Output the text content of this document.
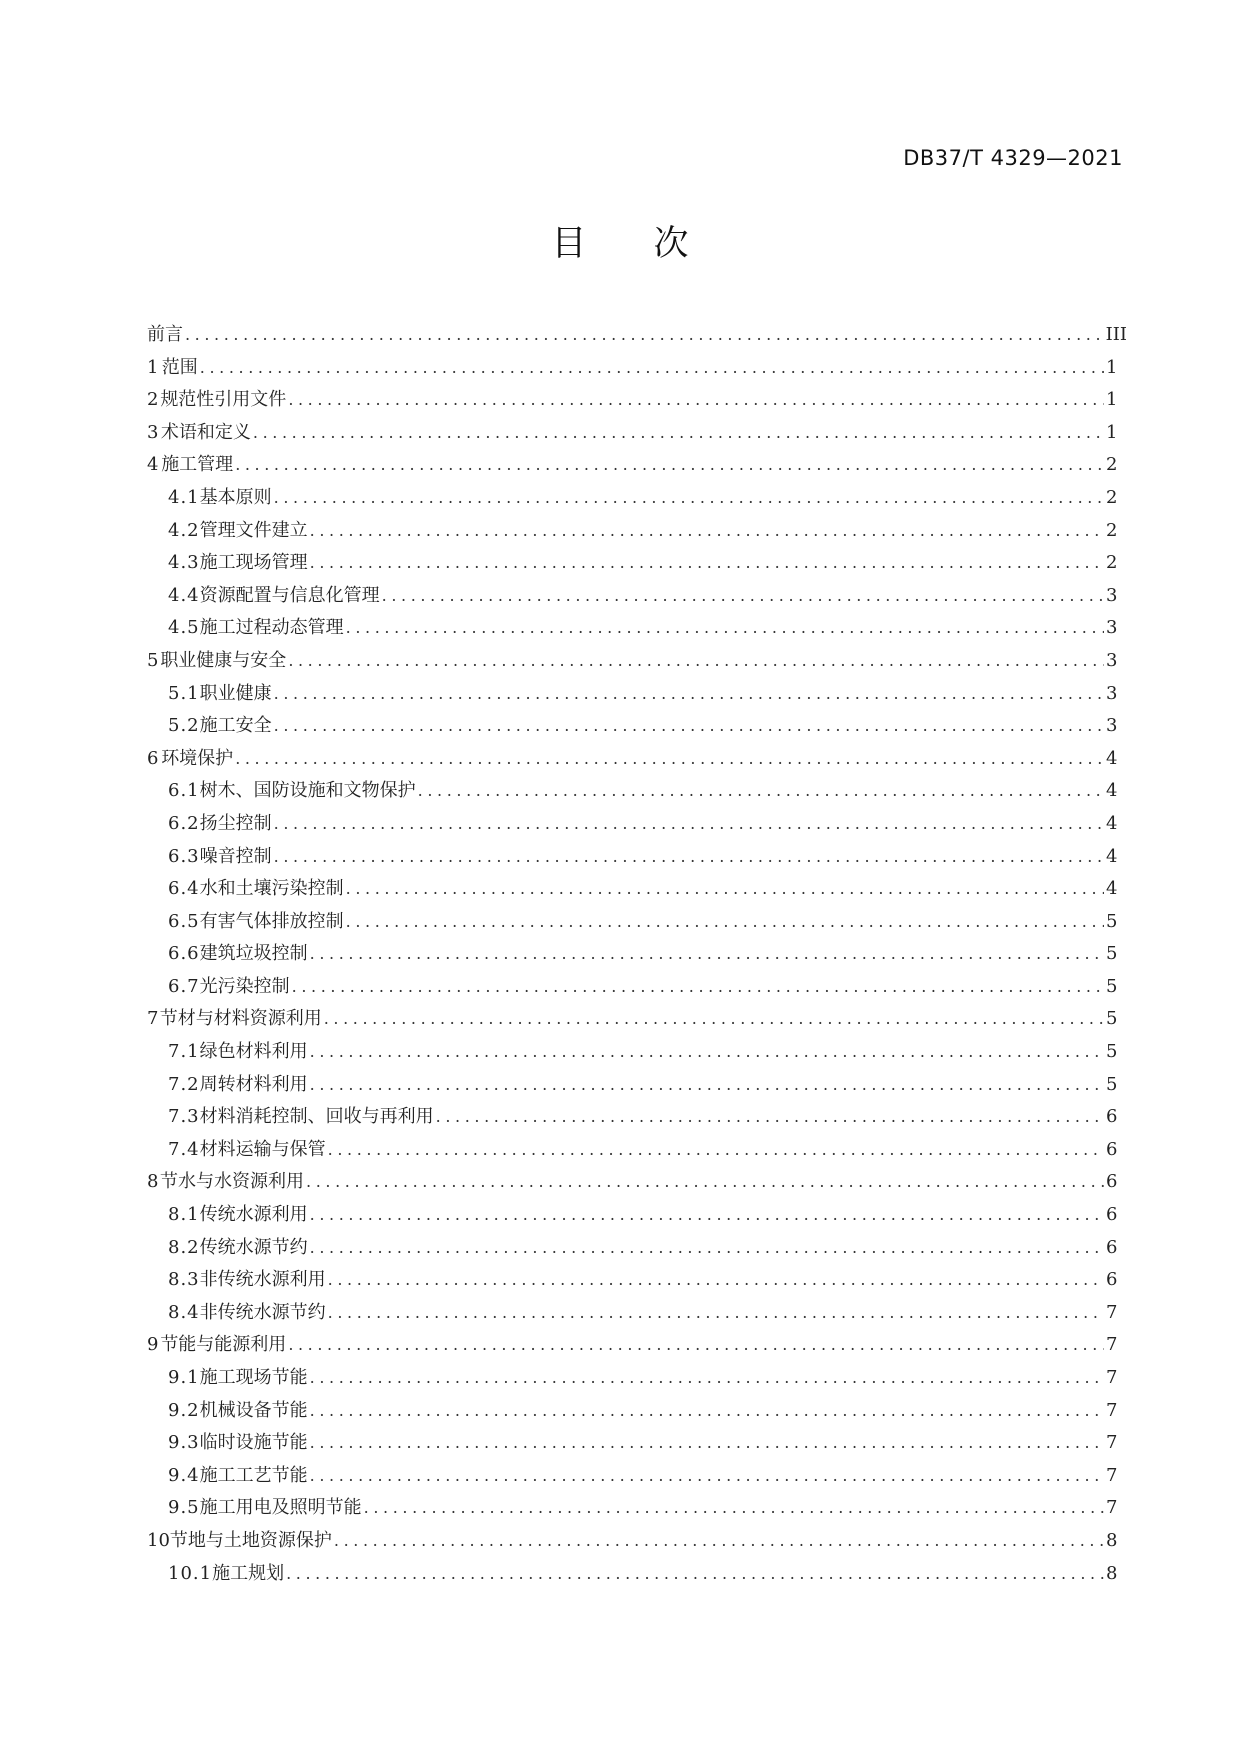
DB37/T 4329—2021
目 次
前言 .....	III
1 范围 .....	1
2 规范性引用文件 .....	1
3 术语和定义 .....	1
4 施工管理 .....	2
4.1 基本原则 .....	2
4.2 管理文件建立 .....	2
4.3 施工现场管理 .....	2
4.4 资源配置与信息化管理 .....	3
4.5 施工过程动态管理 .....	3
5 职业健康与安全 .....	3
5.1 职业健康 .....	3
5.2 施工安全 .....	3
6 环境保护 .....	4
6.1 树木、国防设施和文物保护 .....	4
6.2 扬尘控制 .....	4
6.3 噪音控制 .....	4
6.4 水和土壤污染控制 .....	4
6.5 有害气体排放控制 .....	5
6.6 建筑垃圾控制 .....	5
6.7 光污染控制 .....	5
7 节材与材料资源利用 .....	5
7.1 绿色材料利用 .....	5
7.2 周转材料利用 .....	5
7.3 材料消耗控制、回收与再利用 .....	6
7.4 材料运输与保管 .....	6
8 节水与水资源利用 .....	6
8.1 传统水源利用 .....	6
8.2 传统水源节约 .....	6
8.3 非传统水源利用 .....	6
8.4 非传统水源节约 .....	7
9 节能与能源利用 .....	7
9.1 施工现场节能 .....	7
9.2 机械设备节能 .....	7
9.3 临时设施节能 .....	7
9.4 施工工艺节能 .....	7
9.5 施工用电及照明节能 .....	7
10 节地与土地资源保护 .....	8
10.1 施工规划 .....	8
